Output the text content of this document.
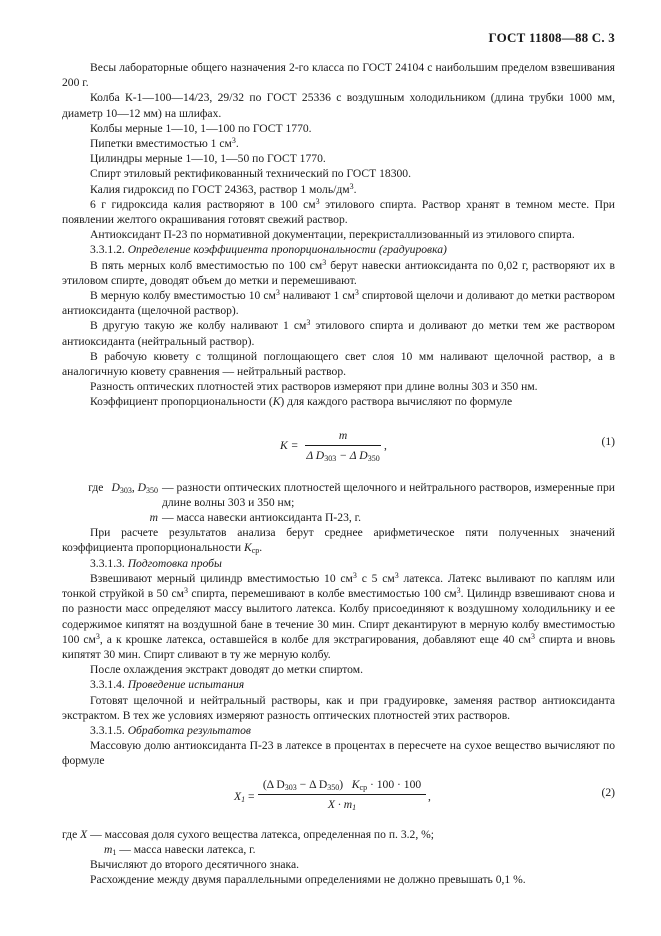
ГОСТ 11808—88 С. 3

Весы лабораторные общего назначения 2-го класса по ГОСТ 24104 с наибольшим пределом взвешивания 200 г.

Колба К-1—100—14/23, 29/32 по ГОСТ 25336 с воздушным холодильником (длина трубки 1000 мм, диаметр 10—12 мм) на шлифах.

Колбы мерные 1—10, 1—100 по ГОСТ 1770.

Пипетки вместимостью 1 $см^3$.

Цилиндры мерные 1—10, 1—50 по ГОСТ 1770.

Спирт этиловый ректификованный технический по ГОСТ 18300.

Калия гидроксид по ГОСТ 24363, раствор 1 моль/$дм^3$.

6 г гидроксида калия растворяют в 100 $см^3$ этилового спирта. Раствор хранят в темном месте. При появлении желтого окрашивания готовят свежий раствор.

Антиоксидант П-23 по нормативной документации, перекристаллизованный из этилового спирта.

3.3.1.2. Определение коэффициента пропорциональности (градуировка)

В пять мерных колб вместимостью по 100 $см^3$ берут навески антиоксиданта по 0,02 г, растворяют их в этиловом спирте, доводят объем до метки и перемешивают.

В мерную колбу вместимостью 10 $см^3$ наливают 1 $см^3$ спиртовой щелочи и доливают до метки раствором антиоксиданта (щелочной раствор).

В другую такую же колбу наливают 1 $см^3$ этилового спирта и доливают до метки тем же раствором антиоксиданта (нейтральный раствор).

В рабочую кювету с толщиной поглощающего свет слоя 10 мм наливают щелочной раствор, а в аналогичную кювету сравнения — нейтральный раствор.

Разность оптических плотностей этих растворов измеряют при длине волны 303 и 350 нм.

Коэффициент пропорциональности (K) для каждого раствора вычисляют по формуле

$K = \frac{m}{\Delta D_{303} - \Delta D_{350}}$ ,	(1)
где $D_{303}$, $D_{350}$ — разности оптических плотностей щелочного и нейтрального растворов, измеренные при длине волны 303 и 350 нм;
m — масса навески антиоксиданта П-23, г.

При расчете результатов анализа берут среднее арифметическое пяти полученных значений коэффициента пропорциональности $K_{ср}$.

3.3.1.3. Подготовка пробы

Взвешивают мерный цилиндр вместимостью 10 $см^3$ с 5 $см^3$ латекса. Латекс выливают по каплям или тонкой струйкой в 50 $см^3$ спирта, перемешивают в колбе вместимостью 100 $см^3$. Цилиндр взвешивают снова и по разности масс определяют массу вылитого латекса. Колбу присоединяют к воздушному холодильнику и ее содержимое кипятят на воздушной бане в течение 30 мин. Спирт декантируют в мерную колбу вместимостью 100 $см^3$, а к крошке латекса, оставшейся в колбе для экстрагирования, добавляют еще 40 $см^3$ спирта и вновь кипятят 30 мин. Спирт сливают в ту же мерную колбу.

После охлаждения экстракт доводят до метки спиртом.

3.3.1.4. Проведение испытания

Готовят щелочной и нейтральный растворы, как и при градуировке, заменяя раствор антиоксиданта экстрактом. В тех же условиях измеряют разность оптических плотностей этих растворов.

3.3.1.5. Обработка результатов

Массовую долю антиоксиданта П-23 в латексе в процентах в пересчете на сухое вещество вычисляют по формуле

$X_1$ =
(Δ $D_{303} - \Delta$ $D_{350}$) $K_{ср} \cdot 100 \cdot 100$
$X \cdot m_1$
,	(2)

где X — массовая доля сухого вещества латекса, определенная по п. 3.2, %;

$m_1$ — масса навески латекса, г.

Вычисляют до второго десятичного знака.

Расхождение между двумя параллельными определениями не должно превышать 0,1 %.
